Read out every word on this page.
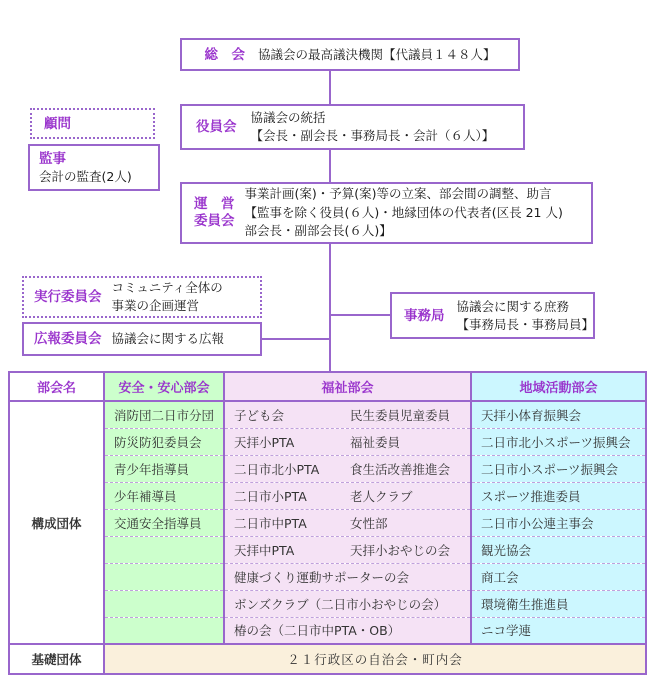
総　会 協議会の最高議決機関【代議員１４８人】
役員会
協議会の統括
【会長・副会長・事務局長・会計（６人）】
顧問
監事
会計の監査(2人)
運　営
委員会
事業計画(案)・予算(案)等の立案、部会間の調整、助言
【監事を除く役員(６人)・地縁団体の代表者(区長 21 人)
部会長・副部会長(６人)】
実行委員会
コミュニティ全体の
事業の企画運営
広報委員会 協議会に関する広報
事務局
協議会に関する庶務
【事務局長・事務局員】
部会名	安全・安心部会	福祉部会	地域活動部会
構成団体	消防団二日市分団	子ども会 民生委員児童委員	天拝小体育振興会
	防災防犯委員会	天拝小PTA 福祉委員	二日市北小スポーツ振興会
	青少年指導員	二日市北小PTA 食生活改善推進会	二日市小スポーツ振興会
	少年補導員	二日市小PTA 老人クラブ	スポーツ推進委員
	交通安全指導員	二日市中PTA 女性部	二日市小公連主事会
		天拝中PTA 天拝小おやじの会	観光協会
		健康づくり運動サポーターの会	商工会
		ボンズクラブ（二日市小おやじの会）	環境衛生推進員
		椿の会（二日市中PTA・OB）	ニコ学連
基礎団体	２１行政区の自治会・町内会		
